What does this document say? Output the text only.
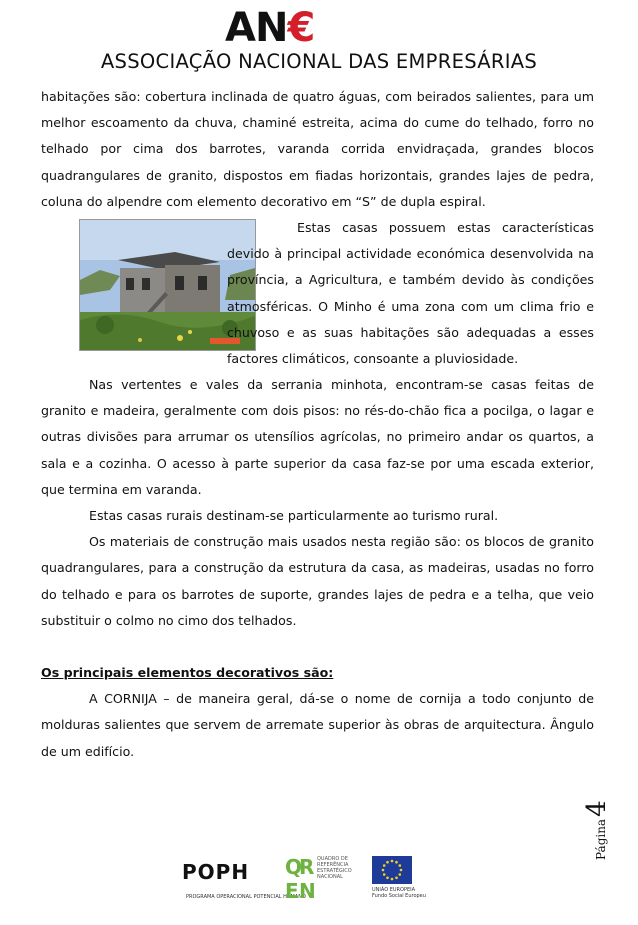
AN€
ASSOCIAÇÃO NACIONAL DAS EMPRESÁRIAS

habitações são: cobertura inclinada de quatro águas, com beirados salientes, para um melhor escoamento da chuva, chaminé estreita, acima do cume do telhado, forro no telhado por cima dos barrotes, varanda corrida envidraçada, grandes blocos quadrangulares de granito, dispostos em fiadas horizontais, grandes lajes de pedra, coluna do alpendre com elemento decorativo em “S” de dupla espiral.

Estas casas possuem estas características devido à principal actividade económica desenvolvida na província, a Agricultura, e também devido às condições atmosféricas. O Minho é uma zona com um clima frio e chuvoso e as suas habitações são adequadas a esses factores climáticos, consoante a pluviosidade.

Nas vertentes e vales da serrania minhota, encontram-se casas feitas de granito e madeira, geralmente com dois pisos: no rés-do-chão fica a pocilga, o lagar e outras divisões para arrumar os utensílios agrícolas, no primeiro andar os quartos, a sala e a cozinha. O acesso à parte superior da casa faz-se por uma escada exterior, que termina em varanda.

Estas casas rurais destinam-se particularmente ao turismo rural.

Os materiais de construção mais usados nesta região são: os blocos de granito quadrangulares, para a construção da estrutura da casa, as madeiras, usadas no forro do telhado e para os barrotes de suporte, grandes lajes de pedra e a telha, que veio substituir o colmo no cimo dos telhados.

Os principais elementos decorativos são:

A CORNIJA – de maneira geral, dá-se o nome de cornija a todo conjunto de molduras salientes que servem de arremate superior às obras de arquitectura. Ângulo de um edifício.

Página
4
POPH
PROGRAMA OPERACIONAL POTENCIAL HUMANO
Q
R
E N
QUADRO DE REFERÊNCIA ESTRATÉGICO NACIONAL
UNIÃO EUROPEIA
Fundo Social Europeu
